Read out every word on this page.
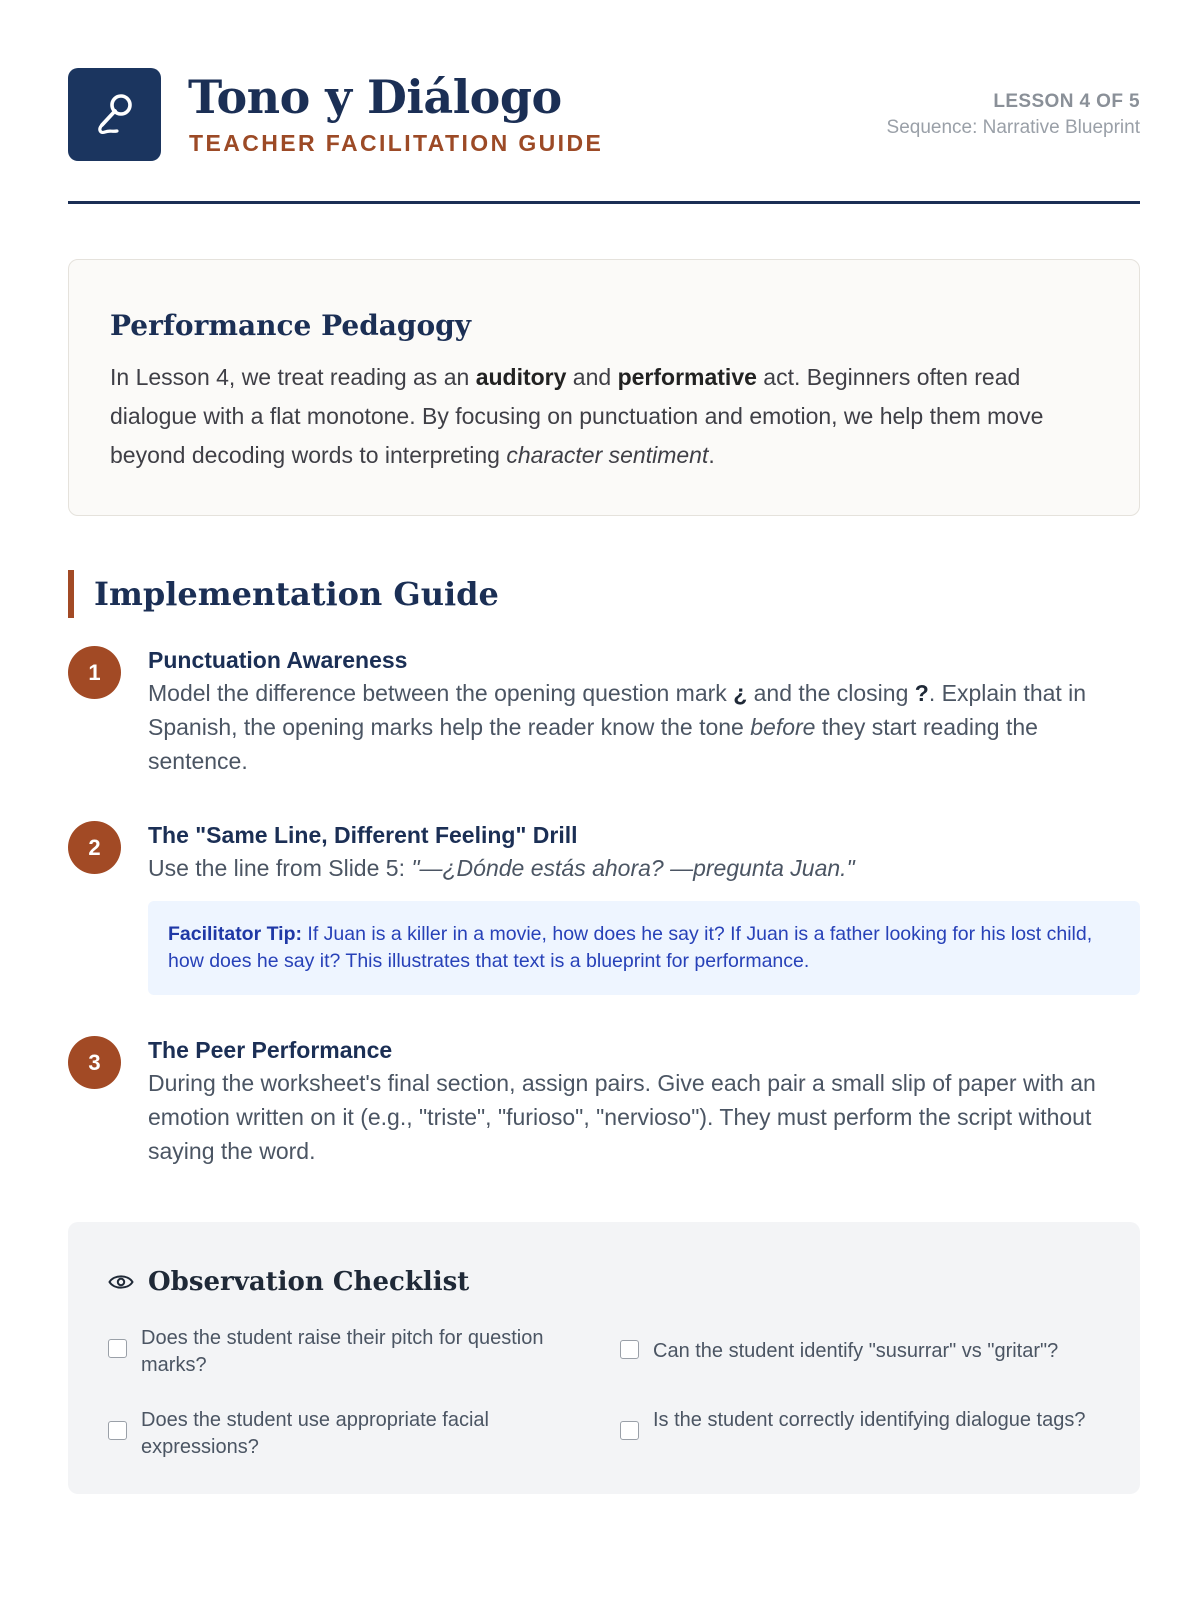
Tono y Diálogo
TEACHER FACILITATION GUIDE
LESSON 4 OF 5
Sequence: Narrative Blueprint
Performance Pedagogy

In Lesson 4, we treat reading as an auditory and performative act. Beginners often read dialogue with a flat monotone. By focusing on punctuation and emotion, we help them move beyond decoding words to interpreting character sentiment.

Implementation Guide
1	Punctuation Awareness

Model the difference between the opening question mark ¿ and the closing ?. Explain that in Spanish, the opening marks help the reader know the tone before they start reading the sentence.

2	The "Same Line, Different Feeling" Drill

Use the line from Slide 5: "—¿Dónde estás ahora? —pregunta Juan."

Facilitator Tip: If Juan is a killer in a movie, how does he say it? If Juan is a father looking for his lost child, how does he say it? This illustrates that text is a blueprint for performance.
3	The Peer Performance

During the worksheet's final section, assign pairs. Give each pair a small slip of paper with an emotion written on it (e.g., "triste", "furioso", "nervioso"). They must perform the script without saying the word.

Observation Checklist
Does the student raise their pitch for question marks?
Can the student identify "susurrar" vs "gritar"?
Does the student use appropriate facial expressions?
Is the student correctly identifying dialogue tags?
